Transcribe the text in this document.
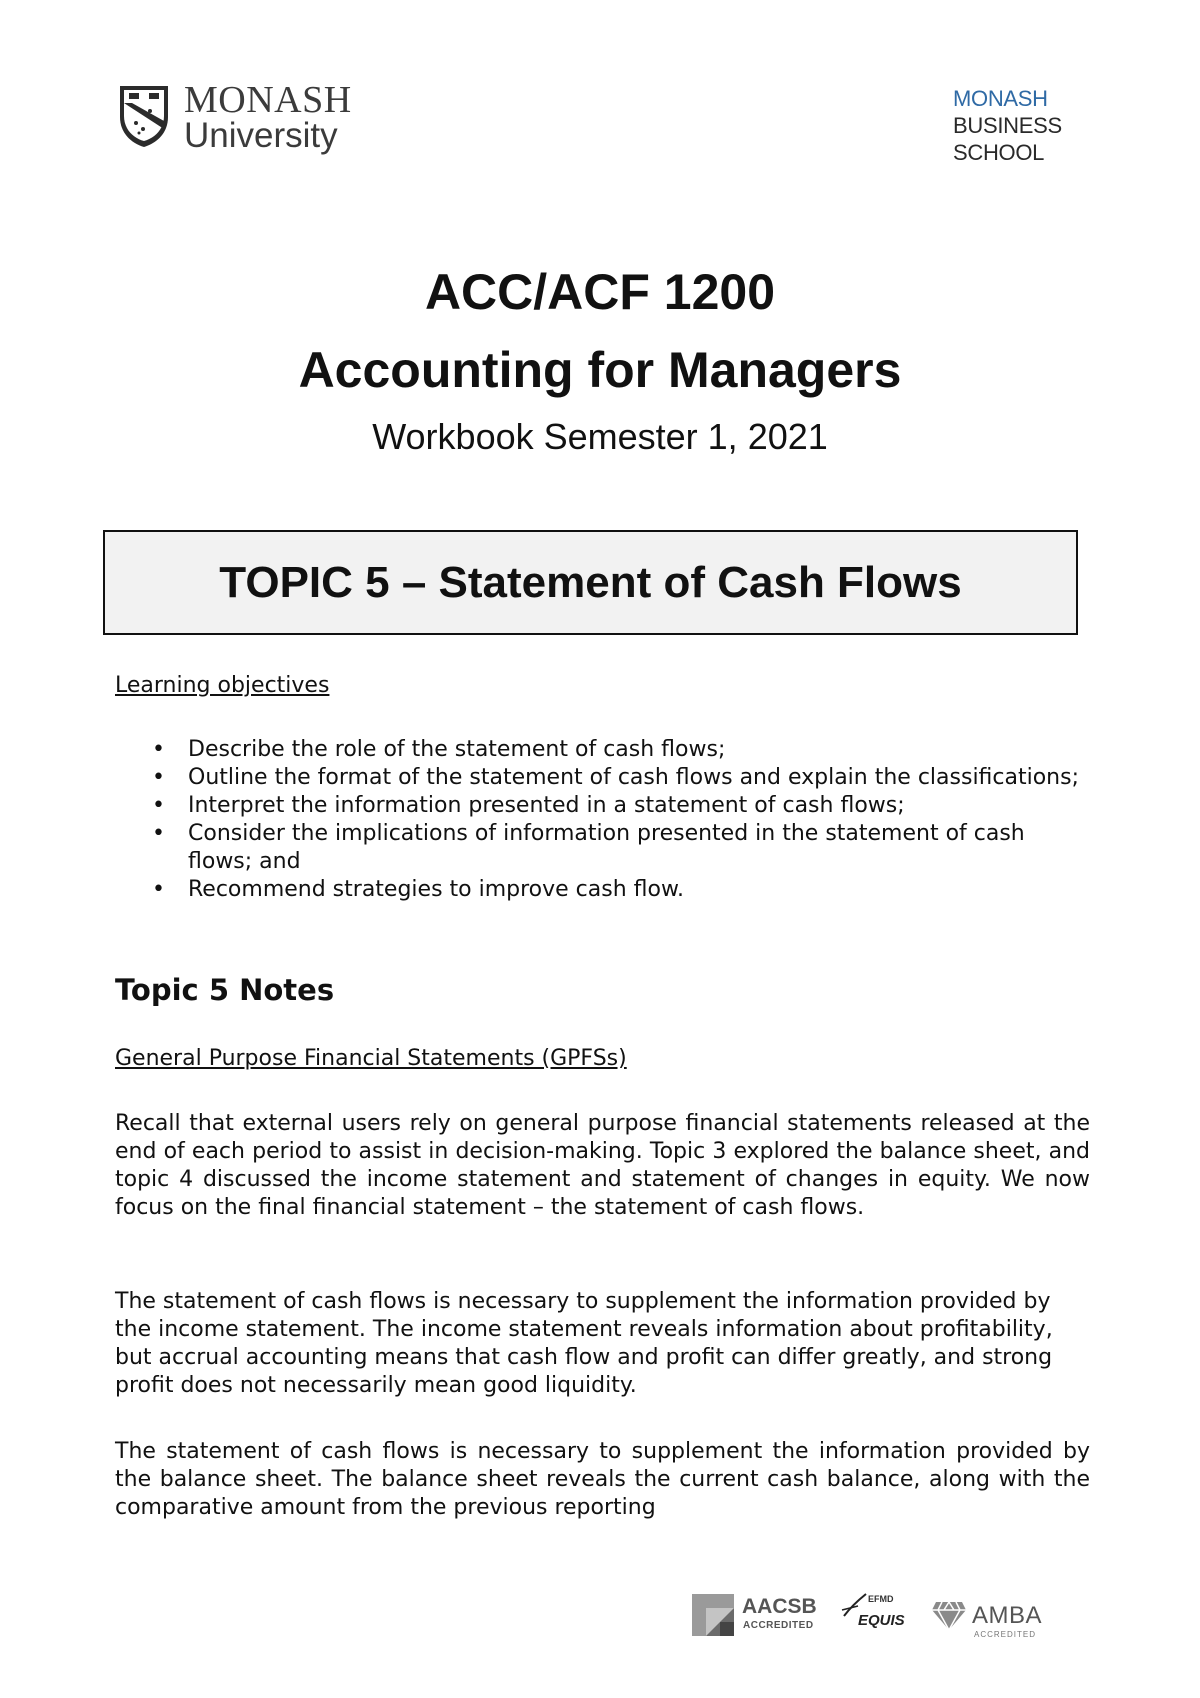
MONASH
University
MONASH
BUSINESS
SCHOOL
ACC/ACF 1200
Accounting for Managers
Workbook Semester 1, 2021
TOPIC 5 – Statement of Cash Flows
Learning objectives
• Describe the role of the statement of cash flows;
• Outline the format of the statement of cash flows and explain the classifications;
• Interpret the information presented in a statement of cash flows;
• Consider the implications of information presented in the statement of cash flows; and
• Recommend strategies to improve cash flow.
Topic 5 Notes
General Purpose Financial Statements (GPFSs)
Recall that external users rely on general purpose financial statements released at the end of each period to assist in decision-making. Topic 3 explored the balance sheet, and topic 4 discussed the income statement and statement of changes in equity. We now focus on the final financial statement – the statement of cash flows.
The statement of cash flows is necessary to supplement the information provided by the income statement. The income statement reveals information about profitability, but accrual accounting means that cash flow and profit can differ greatly, and strong profit does not necessarily mean good liquidity.
The statement of cash flows is necessary to supplement the information provided by the balance sheet. The balance sheet reveals the current cash balance, along with the comparative amount from the previous reporting
AACSB
ACCREDITED
EFMD
EQUIS	AMBA
ACCREDITED
